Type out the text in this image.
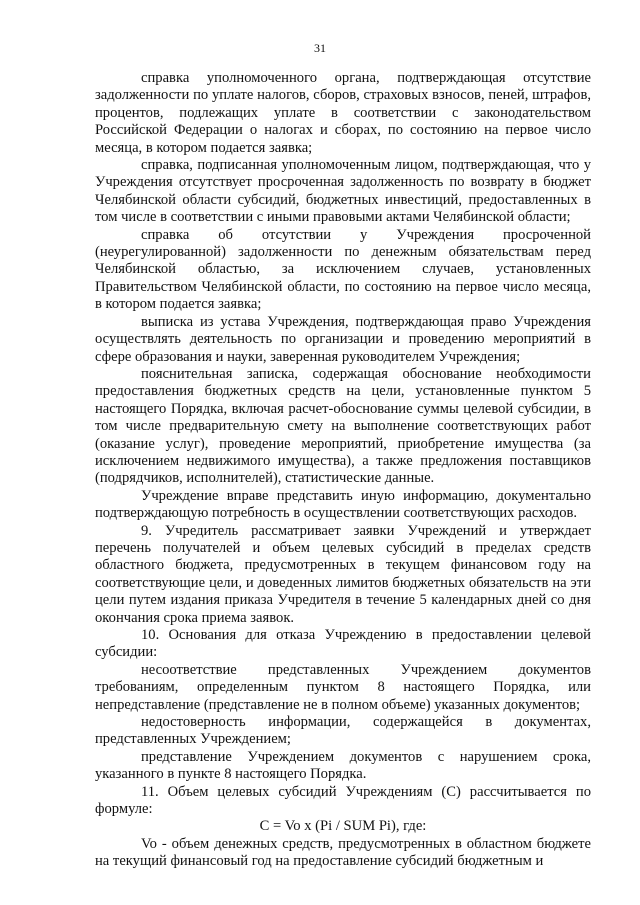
31

справка уполномоченного органа, подтверждающая отсутствие задолженности по уплате налогов, сборов, страховых взносов, пеней, штрафов, процентов, подлежащих уплате в соответствии с законодательством Российской Федерации о налогах и сборах, по состоянию на первое число месяца, в котором подается заявка;

справка, подписанная уполномоченным лицом, подтверждающая, что у Учреждения отсутствует просроченная задолженность по возврату в бюджет Челябинской области субсидий, бюджетных инвестиций, предоставленных в том числе в соответствии с иными правовыми актами Челябинской области;

справка об отсутствии у Учреждения просроченной (неурегулированной) задолженности по денежным обязательствам перед Челябинской областью, за исключением случаев, установленных Правительством Челябинской области, по состоянию на первое число месяца, в котором подается заявка;

выписка из устава Учреждения, подтверждающая право Учреждения осуществлять деятельность по организации и проведению мероприятий в сфере образования и науки, заверенная руководителем Учреждения;

пояснительная записка, содержащая обоснование необходимости предоставления бюджетных средств на цели, установленные пунктом 5 настоящего Порядка, включая расчет-обоснование суммы целевой субсидии, в том числе предварительную смету на выполнение соответствующих работ (оказание услуг), проведение мероприятий, приобретение имущества (за исключением недвижимого имущества), а также предложения поставщиков (подрядчиков, исполнителей), статистические данные.

Учреждение вправе представить иную информацию, документально подтверждающую потребность в осуществлении соответствующих расходов.

9. Учредитель рассматривает заявки Учреждений и утверждает перечень получателей и объем целевых субсидий в пределах средств областного бюджета, предусмотренных в текущем финансовом году на соответствующие цели, и доведенных лимитов бюджетных обязательств на эти цели путем издания приказа Учредителя в течение 5 календарных дней со дня окончания срока приема заявок.

10. Основания для отказа Учреждению в предоставлении целевой субсидии:

несоответствие представленных Учреждением документов требованиям, определенным пунктом 8 настоящего Порядка, или непредставление (представление не в полном объеме) указанных документов;

недостоверность информации, содержащейся в документах, представленных Учреждением;

представление Учреждением документов с нарушением срока, указанного в пункте 8 настоящего Порядка.

11. Объем целевых субсидий Учреждениям (C) рассчитывается по формуле:

C = Vo x (Pi / SUM Pi), где:

Vo - объем денежных средств, предусмотренных в областном бюджете на текущий финансовый год на предоставление субсидий бюджетным и
